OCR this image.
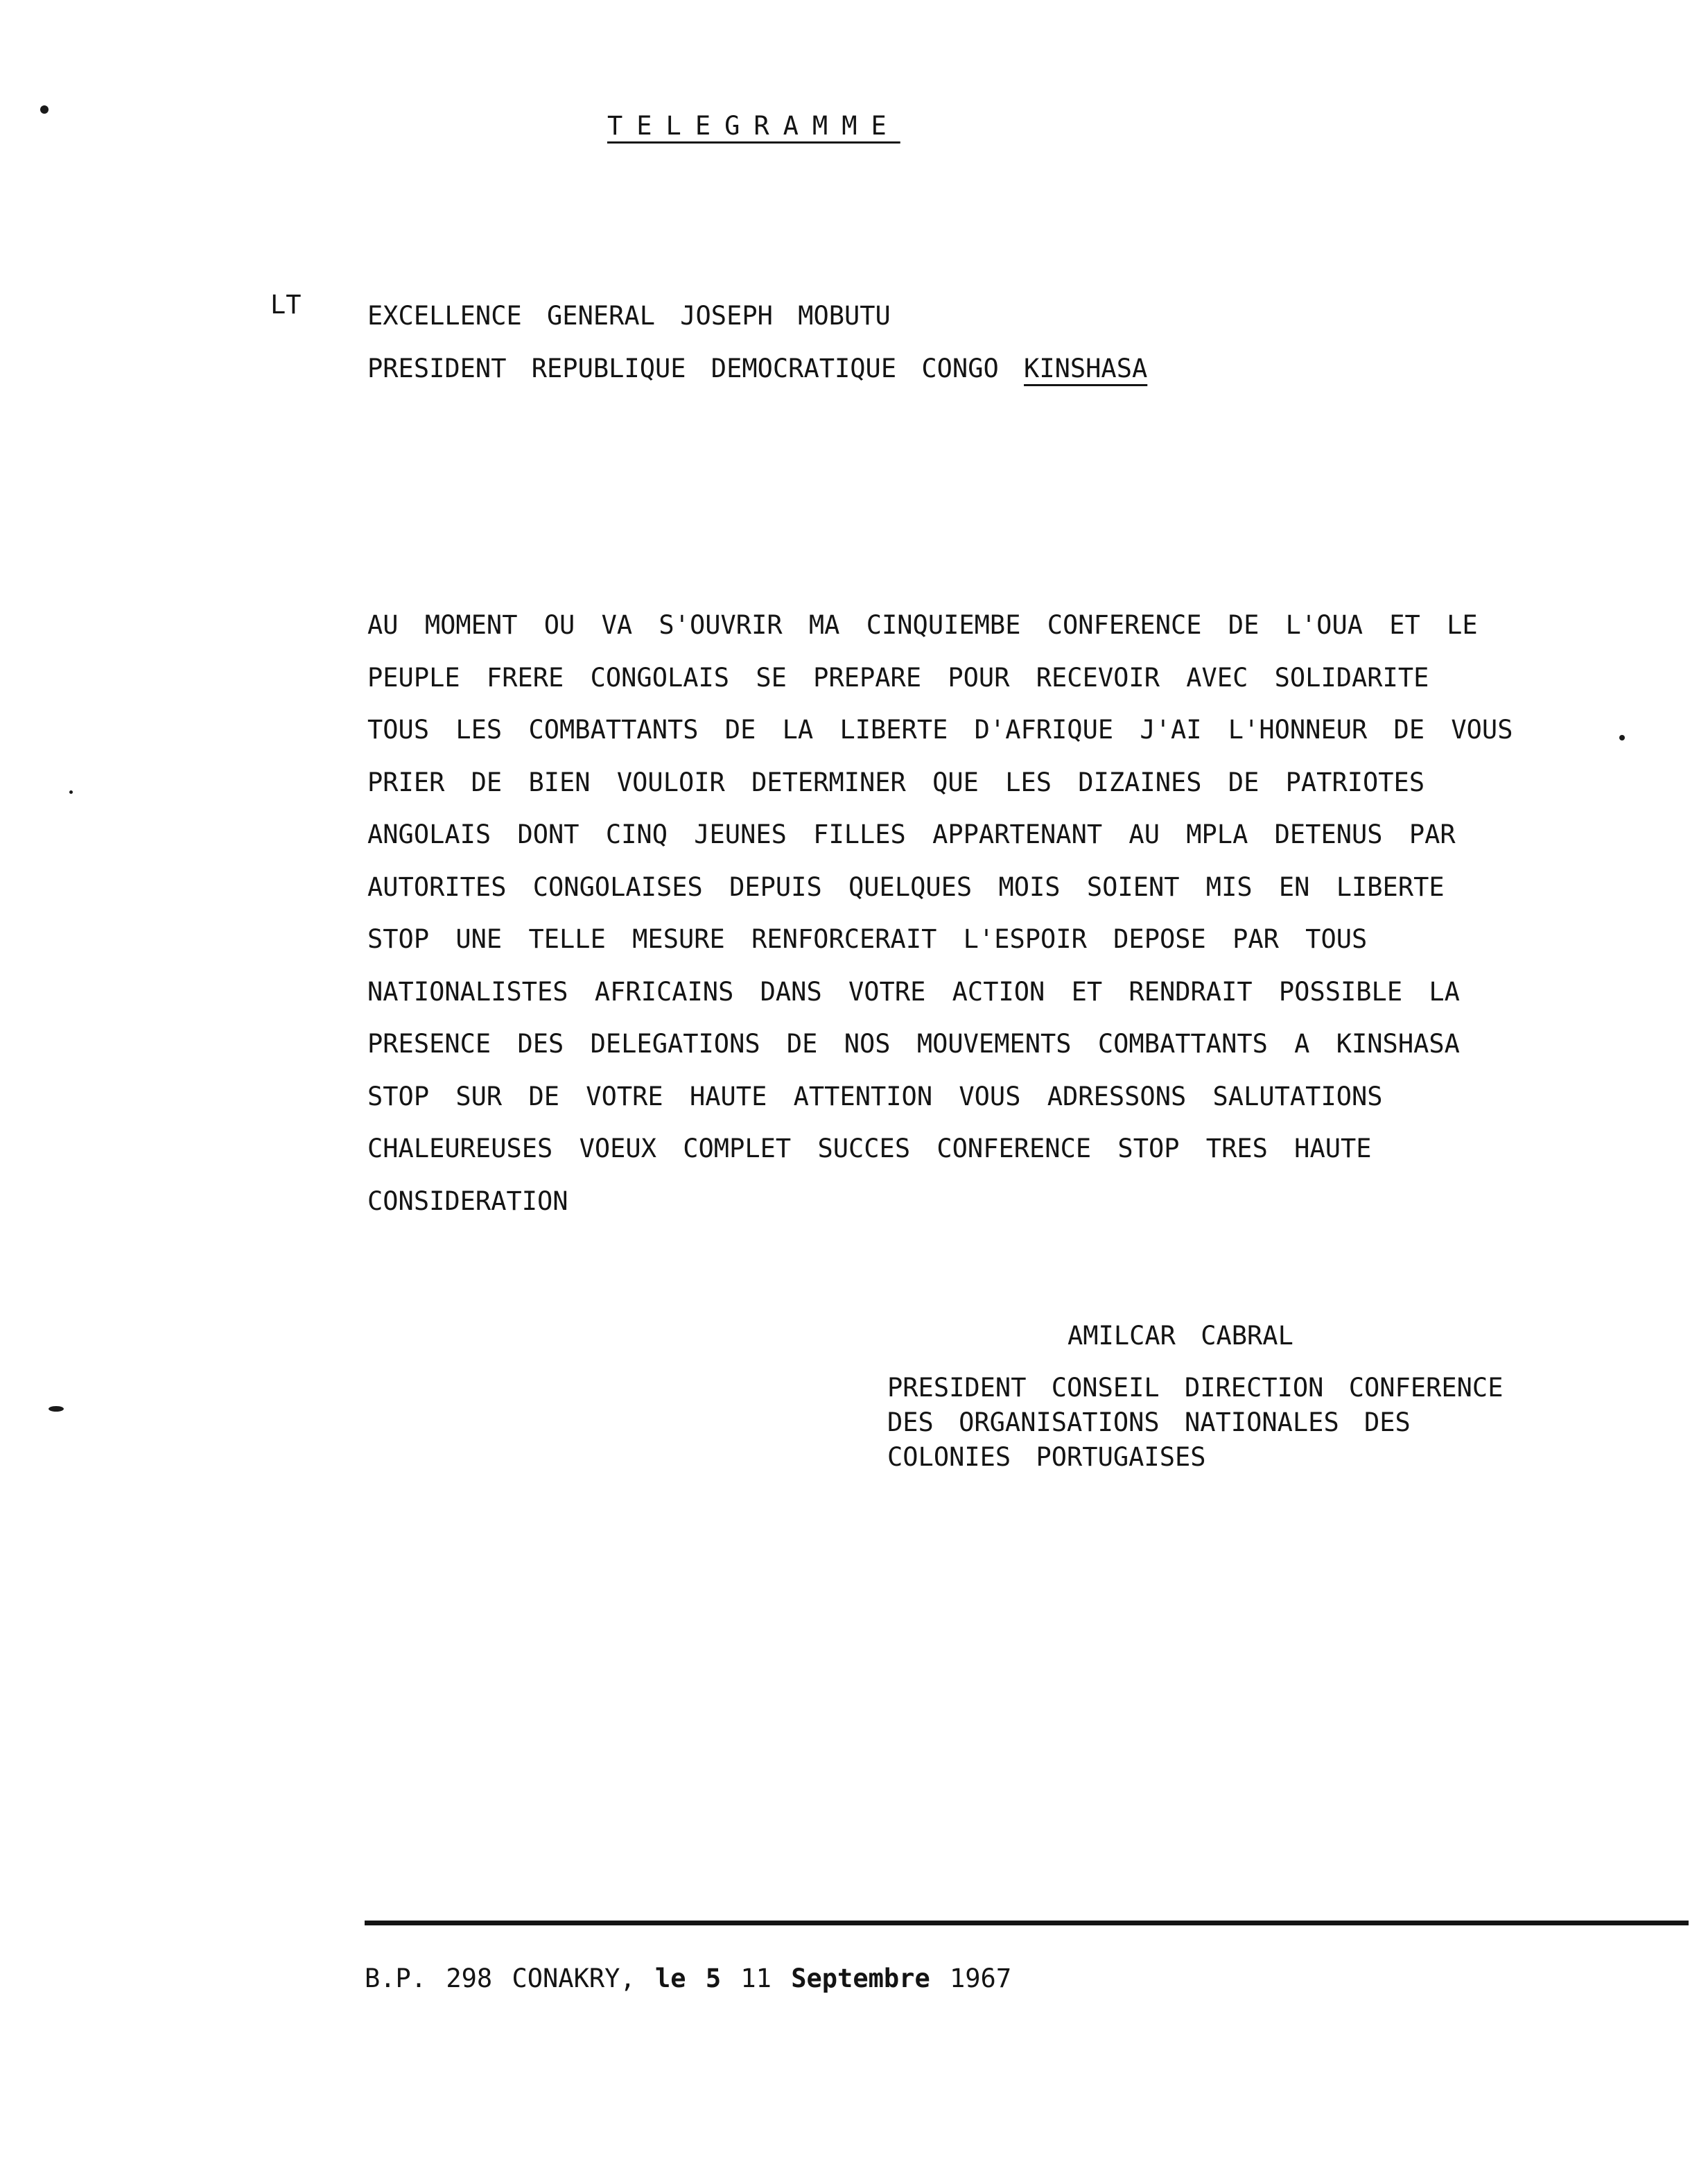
TELEGRAMME
LT	EXCELLENCE GENERAL JOSEPH MOBUTU
PRESIDENT REPUBLIQUE DEMOCRATIQUE CONGO KINSHASA
AU MOMENT OU VA S'OUVRIR MA CINQUIEMBE CONFERENCE DE L'OUA ET LE
PEUPLE FRERE CONGOLAIS SE PREPARE POUR RECEVOIR AVEC SOLIDARITE
TOUS LES COMBATTANTS DE LA LIBERTE D'AFRIQUE J'AI L'HONNEUR DE VOUS
PRIER DE BIEN VOULOIR DETERMINER QUE LES DIZAINES DE PATRIOTES
ANGOLAIS DONT CINQ JEUNES FILLES APPARTENANT AU MPLA DETENUS PAR
AUTORITES CONGOLAISES DEPUIS QUELQUES MOIS SOIENT MIS EN LIBERTE
STOP UNE TELLE MESURE RENFORCERAIT L'ESPOIR DEPOSE PAR TOUS
NATIONALISTES AFRICAINS DANS VOTRE ACTION ET RENDRAIT POSSIBLE LA
PRESENCE DES DELEGATIONS DE NOS MOUVEMENTS COMBATTANTS A KINSHASA
STOP SUR DE VOTRE HAUTE ATTENTION VOUS ADRESSONS SALUTATIONS
CHALEUREUSES VOEUX COMPLET SUCCES CONFERENCE STOP TRES HAUTE
CONSIDERATION
AMILCAR CABRAL
PRESIDENT CONSEIL DIRECTION CONFERENCE
DES ORGANISATIONS NATIONALES DES
COLONIES PORTUGAISES
B.P. 298 CONAKRY, le 5 11 Septembre 1967
